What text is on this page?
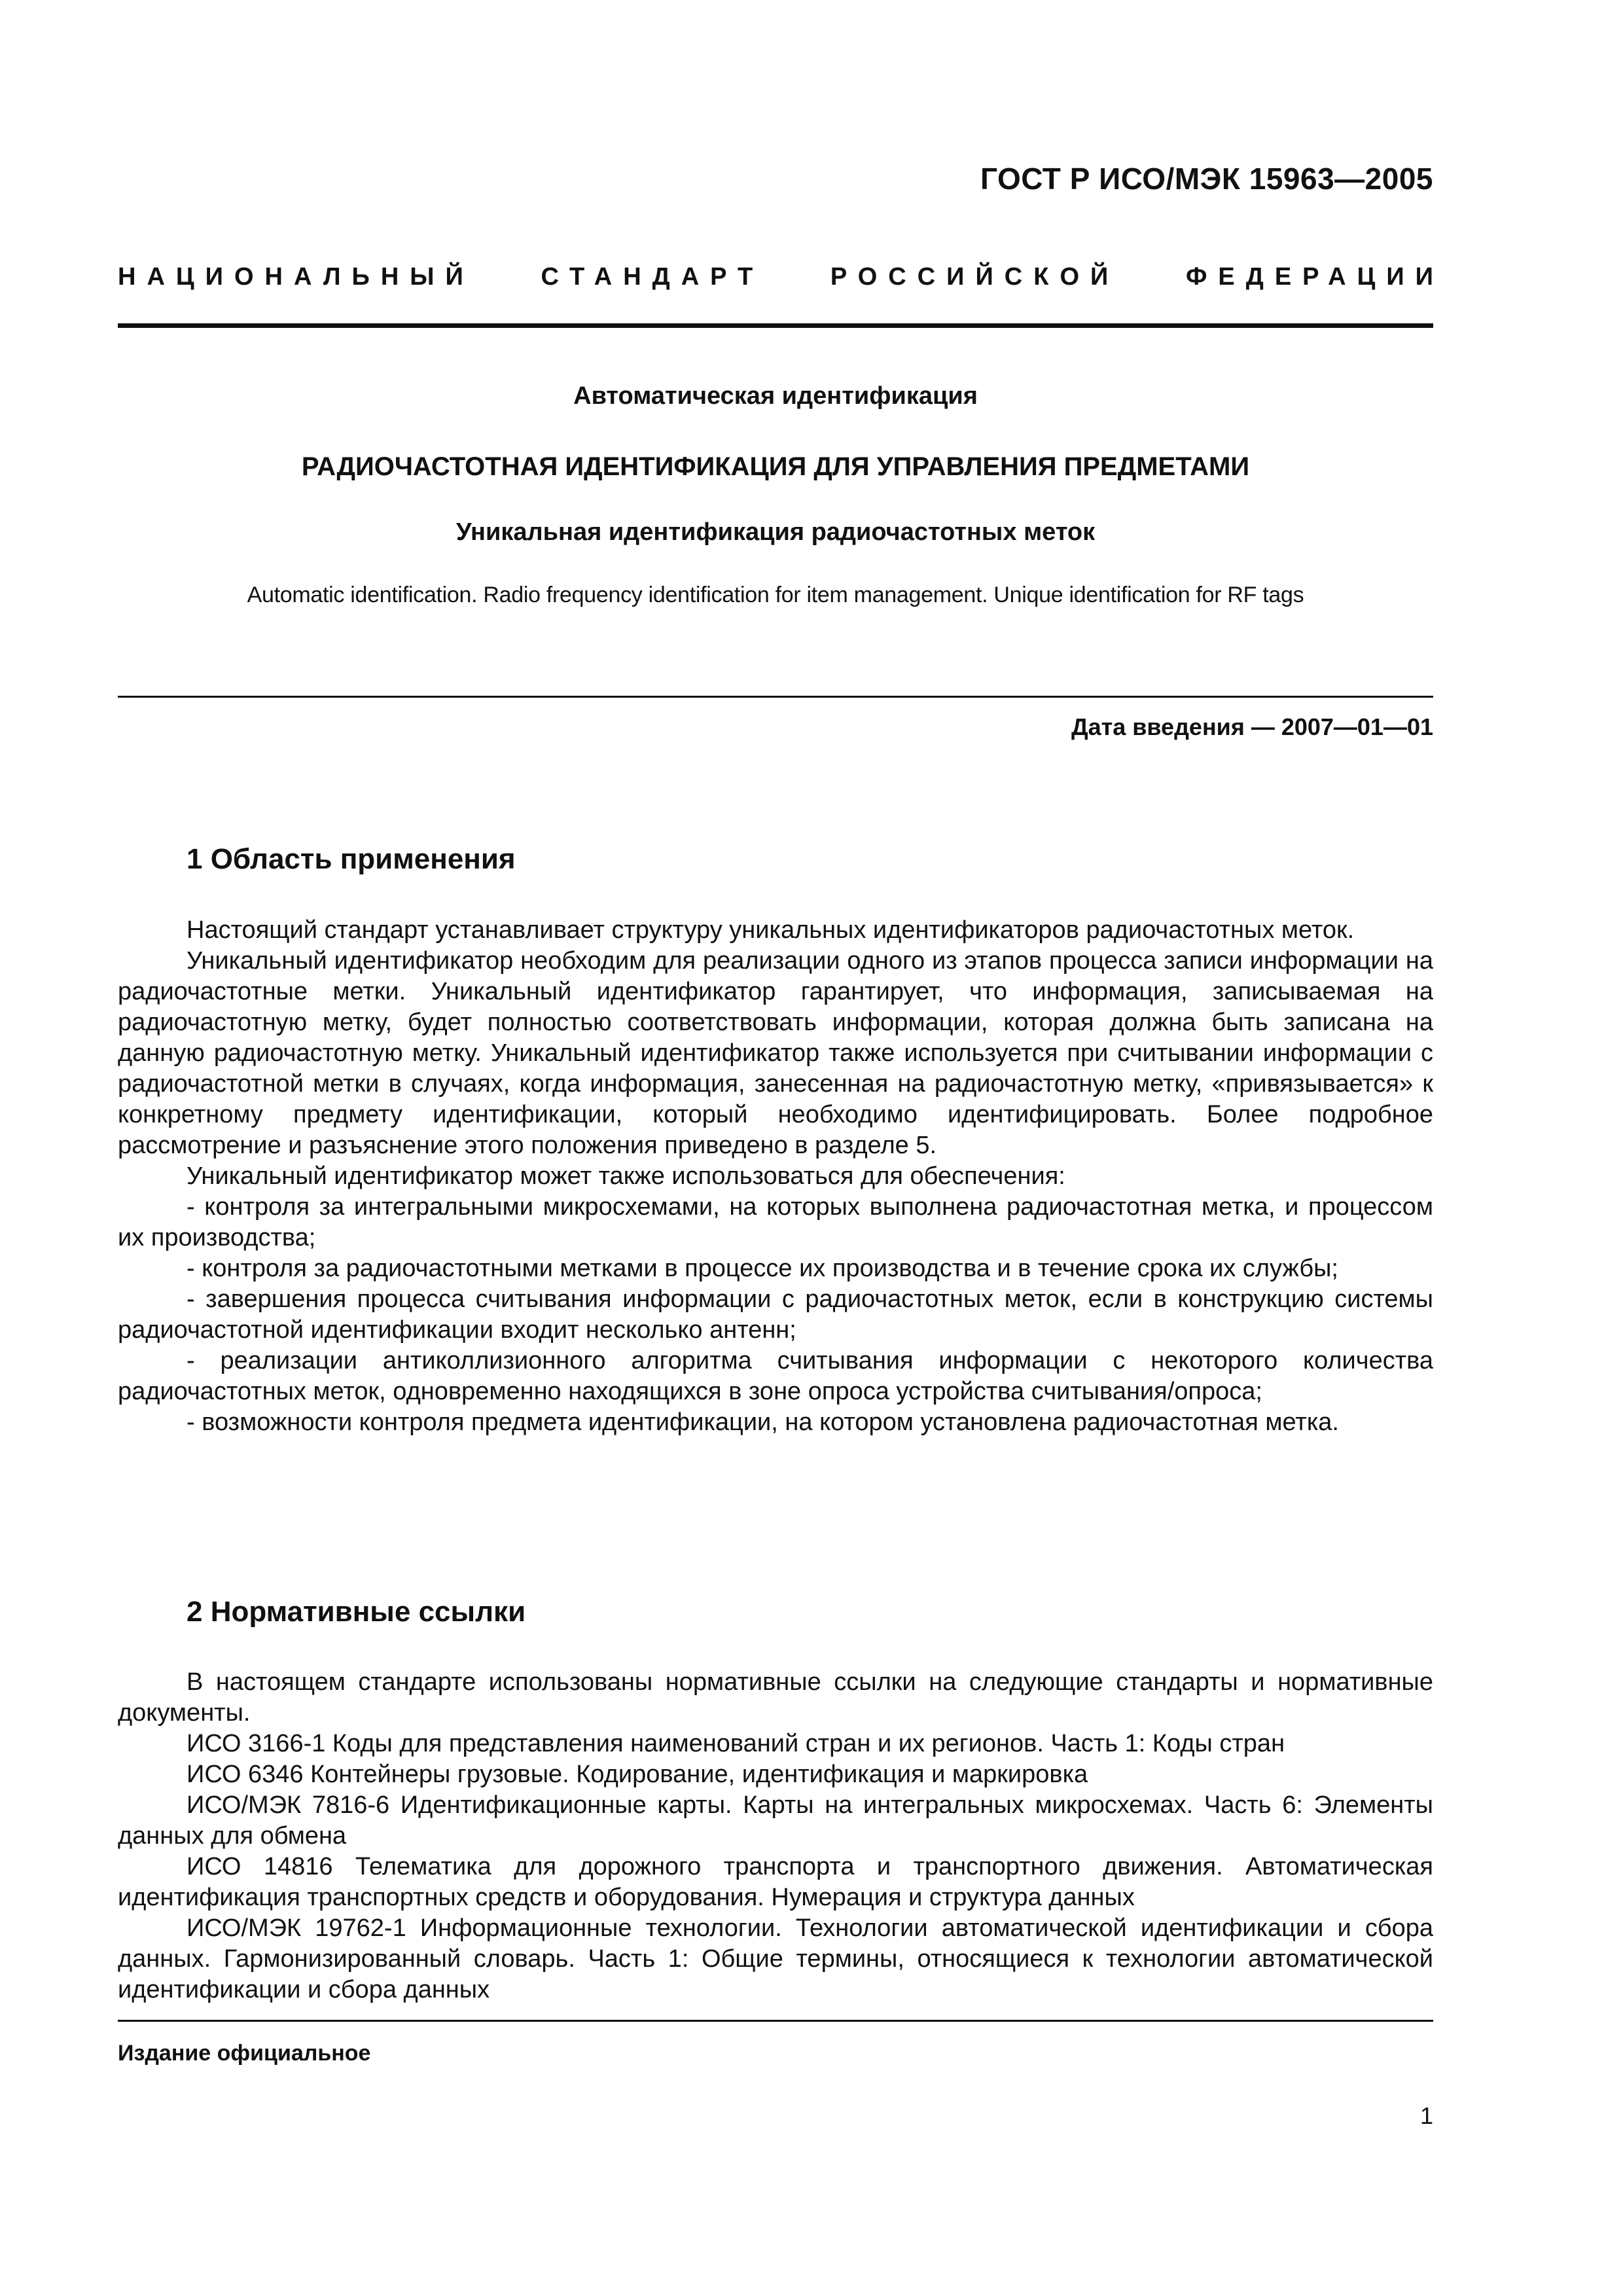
ГОСТ Р ИСО/МЭК 15963—2005
НАЦИОНАЛЬНЫЙ	СТАНДАРТ	РОССИЙСКОЙ	ФЕДЕРАЦИИ
Автоматическая идентификация
РАДИОЧАСТОТНАЯ ИДЕНТИФИКАЦИЯ ДЛЯ УПРАВЛЕНИЯ ПРЕДМЕТАМИ
Уникальная идентификация радиочастотных меток
Automatic identification. Radio frequency identification for item management. Unique identification for RF tags
Дата введения — 2007—01—01
1 Область применения

Настоящий стандарт устанавливает структуру уникальных идентификаторов радиочастотных меток.

Уникальный идентификатор необходим для реализации одного из этапов процесса записи информации на радиочастотные метки. Уникальный идентификатор гарантирует, что информация, записываемая на радиочастотную метку, будет полностью соответствовать информации, которая должна быть записана на данную радиочастотную метку. Уникальный идентификатор также используется при считывании информации с радиочастотной метки в случаях, когда информация, занесенная на радиочастотную метку, «привязывается» к конкретному предмету идентификации, который необходимо идентифицировать. Более подробное рассмотрение и разъяснение этого положения приведено в разделе 5.

Уникальный идентификатор может также использоваться для обеспечения:

- контроля за интегральными микросхемами, на которых выполнена радиочастотная метка, и процессом их производства;

- контроля за радиочастотными метками в процессе их производства и в течение срока их службы;

- завершения процесса считывания информации с радиочастотных меток, если в конструкцию системы радиочастотной идентификации входит несколько антенн;

- реализации антиколлизионного алгоритма считывания информации с некоторого количества радиочастотных меток, одновременно находящихся в зоне опроса устройства считывания/опроса;

- возможности контроля предмета идентификации, на котором установлена радиочастотная метка.

2 Нормативные ссылки

В настоящем стандарте использованы нормативные ссылки на следующие стандарты и нормативные документы.

ИСО 3166-1 Коды для представления наименований стран и их регионов. Часть 1: Коды стран

ИСО 6346 Контейнеры грузовые. Кодирование, идентификация и маркировка

ИСО/МЭК 7816-6 Идентификационные карты. Карты на интегральных микросхемах. Часть 6: Элементы данных для обмена

ИСО 14816 Телематика для дорожного транспорта и транспортного движения. Автоматическая идентификация транспортных средств и оборудования. Нумерация и структура данных

ИСО/МЭК 19762-1 Информационные технологии. Технологии автоматической идентификации и сбора данных. Гармонизированный словарь. Часть 1: Общие термины, относящиеся к технологии автоматической идентификации и сбора данных

Издание официальное
1
